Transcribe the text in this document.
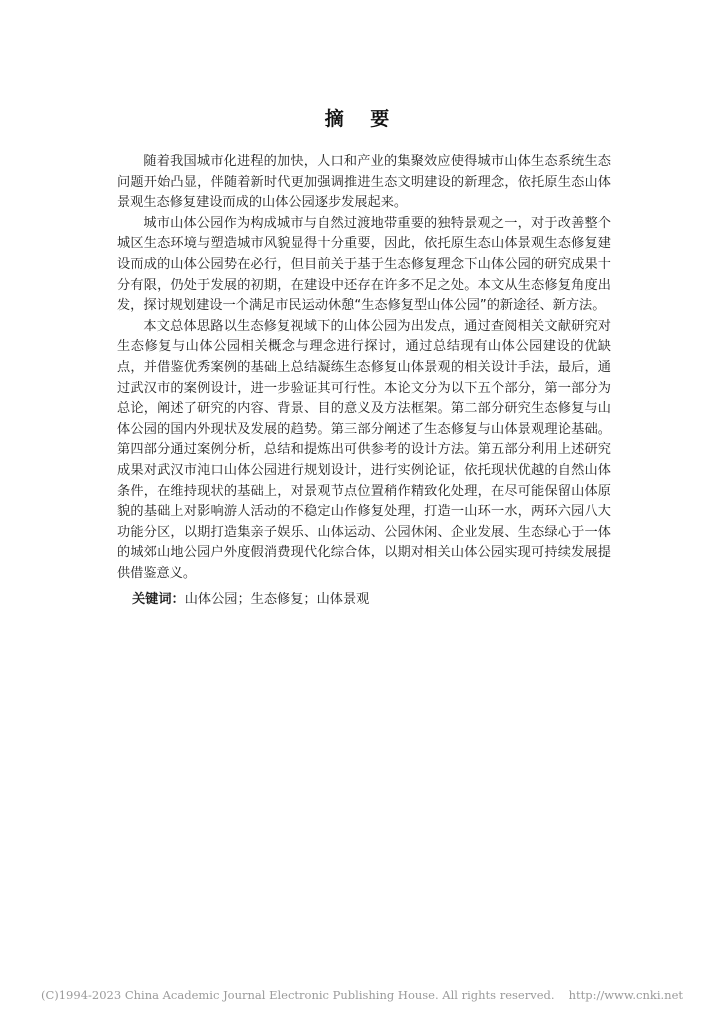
摘 要

随着我国城市化进程的加快，人口和产业的集聚效应使得城市山体生态系统生态问题开始凸显，伴随着新时代更加强调推进生态文明建设的新理念，依托原生态山体景观生态修复建设而成的山体公园逐步发展起来。

城市山体公园作为构成城市与自然过渡地带重要的独特景观之一，对于改善整个城区生态环境与塑造城市风貌显得十分重要，因此，依托原生态山体景观生态修复建设而成的山体公园势在必行，但目前关于基于生态修复理念下山体公园的研究成果十分有限，仍处于发展的初期，在建设中还存在许多不足之处。本文从生态修复角度出发，探讨规划建设一个满足市民运动休憩“生态修复型山体公园”的新途径、新方法。

本文总体思路以生态修复视域下的山体公园为出发点，通过查阅相关文献研究对生态修复与山体公园相关概念与理念进行探讨，通过总结现有山体公园建设的优缺点，并借鉴优秀案例的基础上总结凝练生态修复山体景观的相关设计手法，最后，通过武汉市的案例设计，进一步验证其可行性。本论文分为以下五个部分，第一部分为总论，阐述了研究的内容、背景、目的意义及方法框架。第二部分研究生态修复与山体公园的国内外现状及发展的趋势。第三部分阐述了生态修复与山体景观理论基础。第四部分通过案例分析，总结和提炼出可供参考的设计方法。第五部分利用上述研究成果对武汉市沌口山体公园进行规划设计，进行实例论证，依托现状优越的自然山体条件，在维持现状的基础上，对景观节点位置稍作精致化处理，在尽可能保留山体原貌的基础上对影响游人活动的不稳定山作修复处理，打造一山环一水，两环六园八大功能分区，以期打造集亲子娱乐、山体运动、公园休闲、企业发展、生态绿心于一体的城郊山地公园户外度假消费现代化综合体，以期对相关山体公园实现可持续发展提供借鉴意义。

关键词：山体公园；生态修复；山体景观
(C)1994-2023 China Academic Journal Electronic Publishing House. All rights reserved. http://www.cnki.net
